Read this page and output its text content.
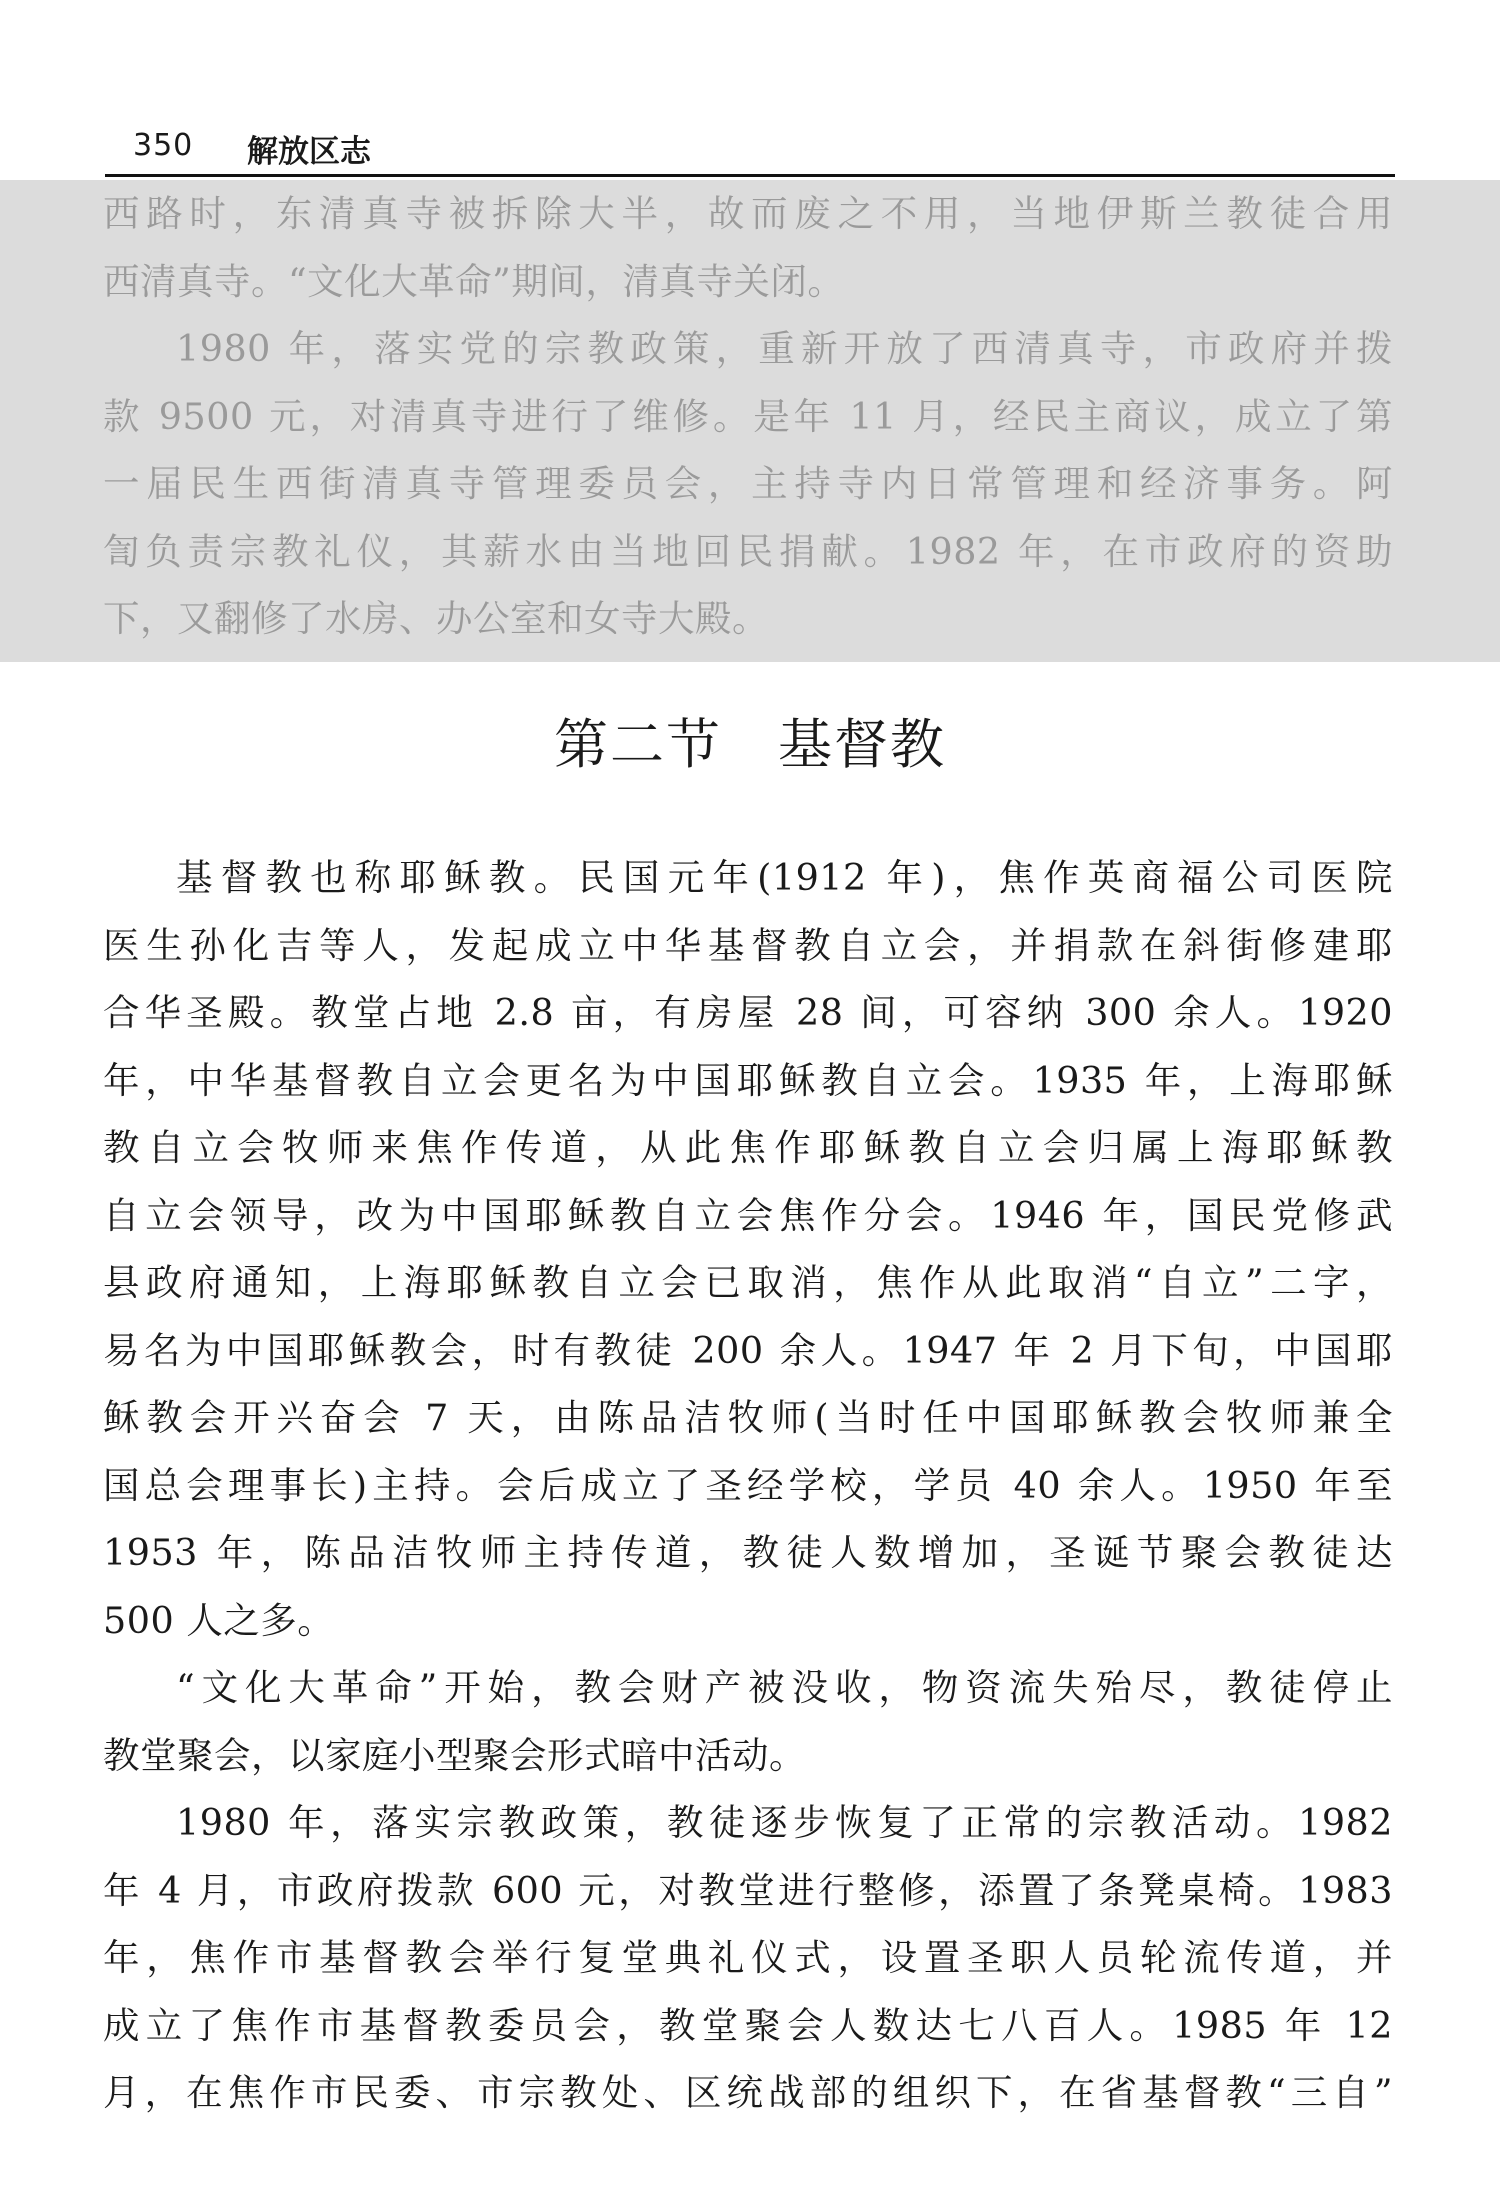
350 解放区志

西路时，东清真寺被拆除大半，故而废之不用，当地伊斯兰教徒合用

西清真寺。“文化大革命”期间，清真寺关闭。

1980 年，落实党的宗教政策，重新开放了西清真寺，市政府并拨

款 9500 元，对清真寺进行了维修。是年 11 月，经民主商议，成立了第

一届民生西街清真寺管理委员会，主持寺内日常管理和经济事务。阿

訇负责宗教礼仪，其薪水由当地回民捐献。1982 年，在市政府的资助

下，又翻修了水房、办公室和女寺大殿。

第二节 基督教

基督教也称耶稣教。民国元年(1912 年)，焦作英商福公司医院

医生孙化吉等人，发起成立中华基督教自立会，并捐款在斜街修建耶

合华圣殿。教堂占地 2.8 亩，有房屋 28 间，可容纳 300 余人。1920

年，中华基督教自立会更名为中国耶稣教自立会。1935 年，上海耶稣

教自立会牧师来焦作传道，从此焦作耶稣教自立会归属上海耶稣教

自立会领导，改为中国耶稣教自立会焦作分会。1946 年，国民党修武

县政府通知，上海耶稣教自立会已取消，焦作从此取消“自立”二字，

易名为中国耶稣教会，时有教徒 200 余人。1947 年 2 月下旬，中国耶

稣教会开兴奋会 7 天，由陈品洁牧师(当时任中国耶稣教会牧师兼全

国总会理事长)主持。会后成立了圣经学校，学员 40 余人。1950 年至

1953 年，陈品洁牧师主持传道，教徒人数增加，圣诞节聚会教徒达

500 人之多。

“文化大革命”开始，教会财产被没收，物资流失殆尽，教徒停止

教堂聚会，以家庭小型聚会形式暗中活动。

1980 年，落实宗教政策，教徒逐步恢复了正常的宗教活动。1982

年 4 月，市政府拨款 600 元，对教堂进行整修，添置了条凳桌椅。1983

年，焦作市基督教会举行复堂典礼仪式，设置圣职人员轮流传道，并

成立了焦作市基督教委员会，教堂聚会人数达七八百人。1985 年 12

月，在焦作市民委、市宗教处、区统战部的组织下，在省基督教“三自”
